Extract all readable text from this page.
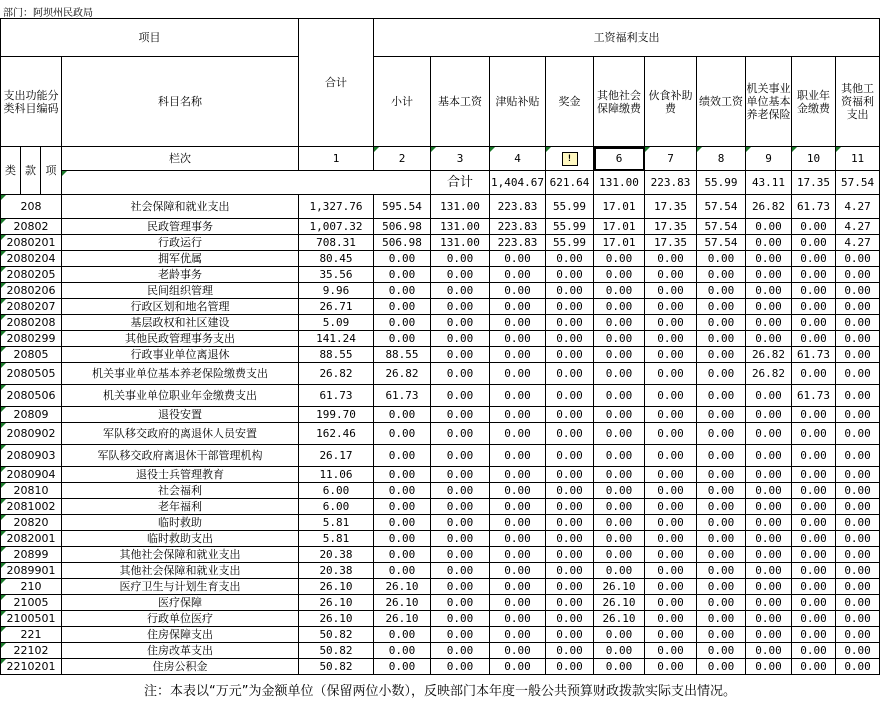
部门：阿坝州民政局
项目				合计	工资福利支出										
支出功能分类科目编码			科目名称		小计	基本工资	津贴补贴	奖金	其他社会保障缴费	伙食补助费	绩效工资	机关事业单位基本养老保险	职业年金缴费	其他工资福利支出	
类	款	项	栏次	1	2	3	4	!	6	7	8	9	10	11	
						合计	1,404.67	621.64	131.00	223.83	55.99	43.11	17.35	57.54			
208			社会保障和就业支出	1,327.76	595.54	131.00	223.83	55.99	17.01	17.35	57.54	26.82	61.73	4.27	
20802			民政管理事务	1,007.32	506.98	131.00	223.83	55.99	17.01	17.35	57.54	0.00	0.00	4.27	
2080201			行政运行	708.31	506.98	131.00	223.83	55.99	17.01	17.35	57.54	0.00	0.00	4.27	
2080204			拥军优属	80.45	0.00	0.00	0.00	0.00	0.00	0.00	0.00	0.00	0.00	0.00	
2080205			老龄事务	35.56	0.00	0.00	0.00	0.00	0.00	0.00	0.00	0.00	0.00	0.00	
2080206			民间组织管理	9.96	0.00	0.00	0.00	0.00	0.00	0.00	0.00	0.00	0.00	0.00	
2080207			行政区划和地名管理	26.71	0.00	0.00	0.00	0.00	0.00	0.00	0.00	0.00	0.00	0.00	
2080208			基层政权和社区建设	5.09	0.00	0.00	0.00	0.00	0.00	0.00	0.00	0.00	0.00	0.00	
2080299			其他民政管理事务支出	141.24	0.00	0.00	0.00	0.00	0.00	0.00	0.00	0.00	0.00	0.00	
20805			行政事业单位离退休	88.55	88.55	0.00	0.00	0.00	0.00	0.00	0.00	26.82	61.73	0.00	
2080505			机关事业单位基本养老保险缴费支出	26.82	26.82	0.00	0.00	0.00	0.00	0.00	0.00	26.82	0.00	0.00	
2080506			机关事业单位职业年金缴费支出	61.73	61.73	0.00	0.00	0.00	0.00	0.00	0.00	0.00	61.73	0.00	
20809			退役安置	199.70	0.00	0.00	0.00	0.00	0.00	0.00	0.00	0.00	0.00	0.00	
2080902			军队移交政府的离退休人员安置	162.46	0.00	0.00	0.00	0.00	0.00	0.00	0.00	0.00	0.00	0.00	
2080903			军队移交政府离退休干部管理机构	26.17	0.00	0.00	0.00	0.00	0.00	0.00	0.00	0.00	0.00	0.00	
2080904			退役士兵管理教育	11.06	0.00	0.00	0.00	0.00	0.00	0.00	0.00	0.00	0.00	0.00	
20810			社会福利	6.00	0.00	0.00	0.00	0.00	0.00	0.00	0.00	0.00	0.00	0.00	
2081002			老年福利	6.00	0.00	0.00	0.00	0.00	0.00	0.00	0.00	0.00	0.00	0.00	
20820			临时救助	5.81	0.00	0.00	0.00	0.00	0.00	0.00	0.00	0.00	0.00	0.00	
2082001			临时救助支出	5.81	0.00	0.00	0.00	0.00	0.00	0.00	0.00	0.00	0.00	0.00	
20899			其他社会保障和就业支出	20.38	0.00	0.00	0.00	0.00	0.00	0.00	0.00	0.00	0.00	0.00	
2089901			其他社会保障和就业支出	20.38	0.00	0.00	0.00	0.00	0.00	0.00	0.00	0.00	0.00	0.00	
210			医疗卫生与计划生育支出	26.10	26.10	0.00	0.00	0.00	26.10	0.00	0.00	0.00	0.00	0.00	
21005			医疗保障	26.10	26.10	0.00	0.00	0.00	26.10	0.00	0.00	0.00	0.00	0.00	
2100501			行政单位医疗	26.10	26.10	0.00	0.00	0.00	26.10	0.00	0.00	0.00	0.00	0.00	
221			住房保障支出	50.82	0.00	0.00	0.00	0.00	0.00	0.00	0.00	0.00	0.00	0.00	
22102			住房改革支出	50.82	0.00	0.00	0.00	0.00	0.00	0.00	0.00	0.00	0.00	0.00	
2210201			住房公积金	50.82	0.00	0.00	0.00	0.00	0.00	0.00	0.00	0.00	0.00	0.00	
注：本表以“万元”为金额单位（保留两位小数），反映部门本年度一般公共预算财政拨款实际支出情况。
